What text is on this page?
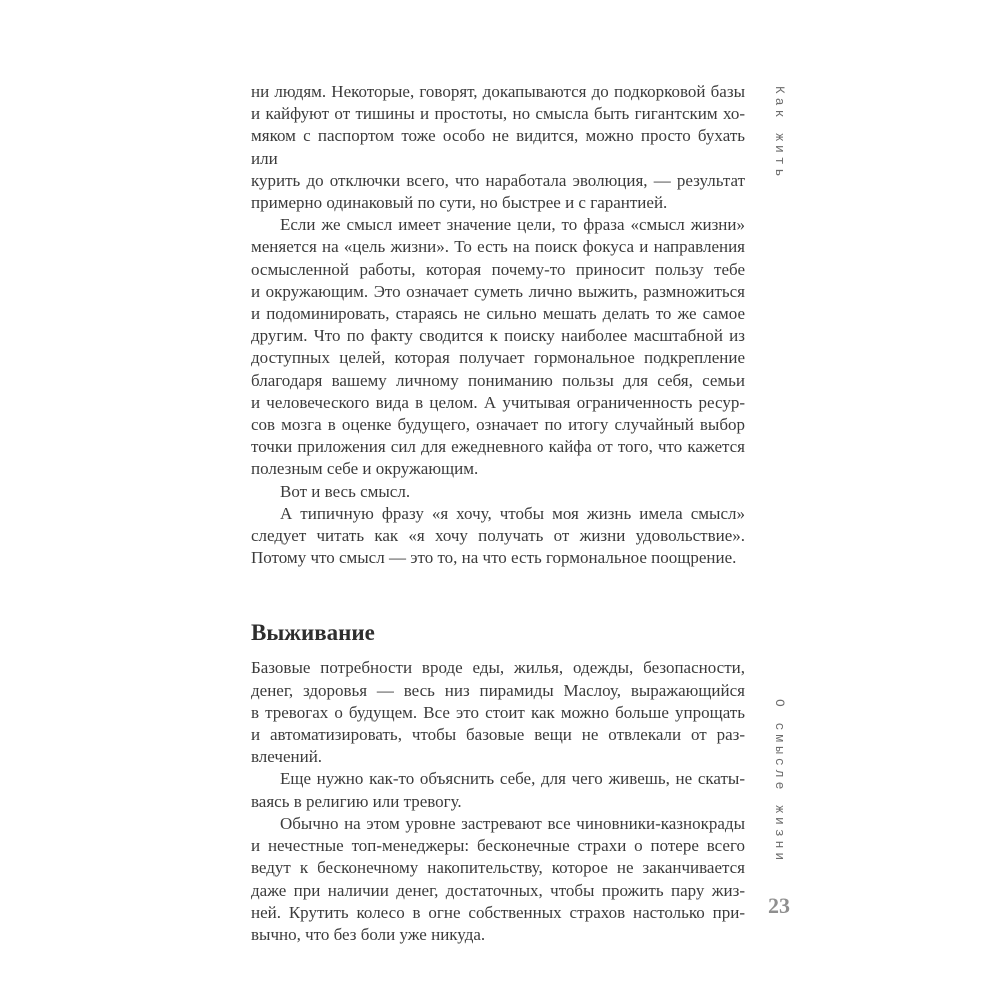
ни людям. Некоторые, говорят, докапываются до подкорковой базы
и кайфуют от тишины и простоты, но смысла быть гигантским хо-
мяком с паспортом тоже особо не видится, можно просто бухать или
курить до отключки всего, что наработала эволюция, — результат
примерно одинаковый по сути, но быстрее и с гарантией.
Если же смысл имеет значение цели, то фраза «смысл жизни»
меняется на «цель жизни». То есть на поиск фокуса и направления
осмысленной работы, которая почему-то приносит пользу тебе
и окружающим. Это означает суметь лично выжить, размножиться
и подоминировать, стараясь не сильно мешать делать то же самое
другим. Что по факту сводится к поиску наиболее масштабной из
доступных целей, которая получает гормональное подкрепление
благодаря вашему личному пониманию пользы для себя, семьи
и человеческого вида в целом. А учитывая ограниченность ресур-
сов мозга в оценке будущего, означает по итогу случайный выбор
точки приложения сил для ежедневного кайфа от того, что кажется
полезным себе и окружающим.
Вот и весь смысл.
А типичную фразу «я хочу, чтобы моя жизнь имела смысл»
следует читать как «я хочу получать от жизни удовольствие».
Потому что смысл — это то, на что есть гормональное поощрение.
Выживание
Базовые потребности вроде еды, жилья, одежды, безопасности,
денег, здоровья — весь низ пирамиды Маслоу, выражающийся
в тревогах о будущем. Все это стоит как можно больше упрощать
и автоматизировать, чтобы базовые вещи не отвлекали от раз-
влечений.
Еще нужно как-то объяснить себе, для чего живешь, не скаты-
ваясь в религию или тревогу.
Обычно на этом уровне застревают все чиновники-казнокрады
и нечестные топ-менеджеры: бесконечные страхи о потере всего
ведут к бесконечному накопительству, которое не заканчивается
даже при наличии денег, достаточных, чтобы прожить пару жиз-
ней. Крутить колесо в огне собственных страхов настолько при-
вычно, что без боли уже никуда.
Как жить
О смысле жизни
23
